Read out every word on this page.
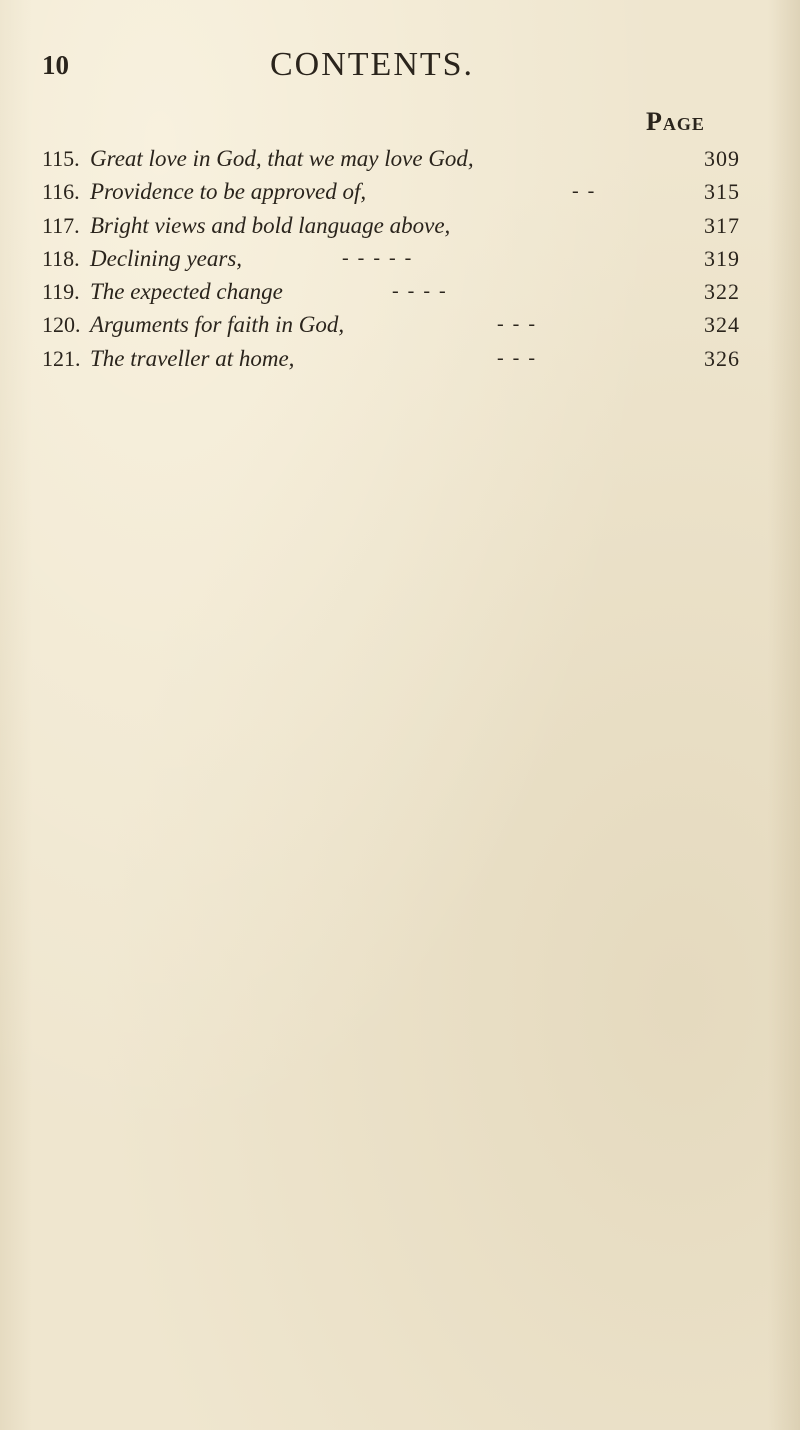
10	CONTENTS.
Page
115. Great love in God, that we may love God,	309
116. Providence to be approved of,	- -	315
117. Bright views and bold language above,	317
118. Declining years,	- - - - -	319
119. The expected change	- - - -	322
120. Arguments for faith in God,	- - -	324
121. The traveller at home,	- - -	326
